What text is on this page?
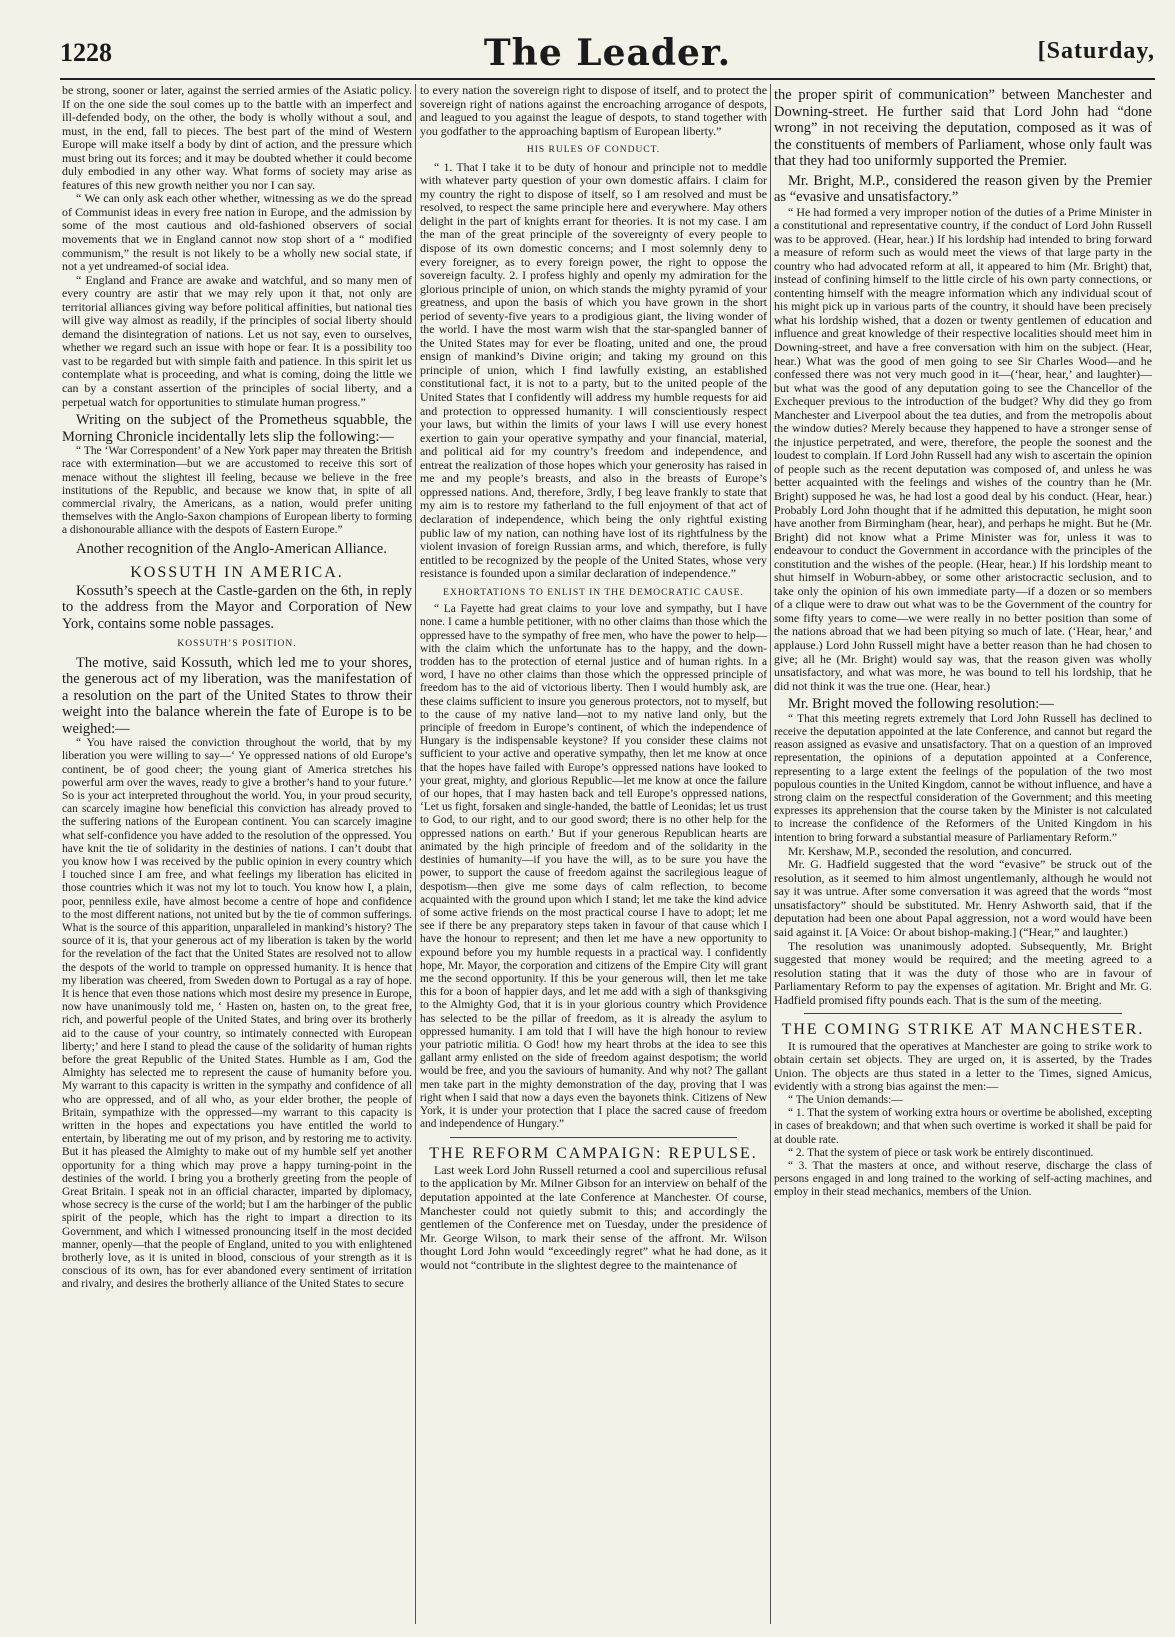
1228	The Leader.	[Saturday,

be strong, sooner or later, against the serried armies of the Asiatic policy. If on the one side the soul comes up to the battle with an imperfect and ill-defended body, on the other, the body is wholly without a soul, and must, in the end, fall to pieces. The best part of the mind of Western Europe will make itself a body by dint of action, and the pressure which must bring out its forces; and it may be doubted whether it could become duly embodied in any other way. What forms of society may arise as features of this new growth neither you nor I can say.

“ We can only ask each other whether, witnessing as we do the spread of Communist ideas in every free nation in Europe, and the admission by some of the most cautious and old-fashioned observers of social movements that we in England cannot now stop short of a “ modified communism,” the result is not likely to be a wholly new social state, if not a yet undreamed-of social idea.

“ England and France are awake and watchful, and so many men of every country are astir that we may rely upon it that, not only are territorial alliances giving way before political affinities, but national ties will give way almost as readily, if the principles of social liberty should demand the disintegration of nations. Let us not say, even to ourselves, whether we regard such an issue with hope or fear. It is a possibility too vast to be regarded but with simple faith and patience. In this spirit let us contemplate what is proceeding, and what is coming, doing the little we can by a constant assertion of the principles of social liberty, and a perpetual watch for opportunities to stimulate human progress.”

Writing on the subject of the Prometheus squabble, the Morning Chronicle incidentally lets slip the following:—

“ The ‘War Correspondent’ of a New York paper may threaten the British race with extermination—but we are accustomed to receive this sort of menace without the slightest ill feeling, because we believe in the free institutions of the Republic, and because we know that, in spite of all commercial rivalry, the Americans, as a nation, would prefer uniting themselves with the Anglo-Saxon champions of European liberty to forming a dishonourable alliance with the despots of Eastern Europe.”

Another recognition of the Anglo-American Alliance.

KOSSUTH IN AMERICA.

Kossuth’s speech at the Castle-garden on the 6th, in reply to the address from the Mayor and Corporation of New York, contains some noble passages.

KOSSUTH’S POSITION.

The motive, said Kossuth, which led me to your shores, the generous act of my liberation, was the manifestation of a resolution on the part of the United States to throw their weight into the balance wherein the fate of Europe is to be weighed:—

“ You have raised the conviction throughout the world, that by my liberation you were willing to say—‘ Ye oppressed nations of old Europe’s continent, be of good cheer; the young giant of America stretches his powerful arm over the waves, ready to give a brother’s hand to your future.’ So is your act interpreted throughout the world. You, in your proud security, can scarcely imagine how beneficial this conviction has already proved to the suffering nations of the European continent. You can scarcely imagine what self-confidence you have added to the resolution of the oppressed. You have knit the tie of solidarity in the destinies of nations. I can’t doubt that you know how I was received by the public opinion in every country which I touched since I am free, and what feelings my liberation has elicited in those countries which it was not my lot to touch. You know how I, a plain, poor, penniless exile, have almost become a centre of hope and confidence to the most different nations, not united but by the tie of common sufferings. What is the source of this apparition, unparalleled in mankind’s history? The source of it is, that your generous act of my liberation is taken by the world for the revelation of the fact that the United States are resolved not to allow the despots of the world to trample on oppressed humanity. It is hence that my liberation was cheered, from Sweden down to Portugal as a ray of hope. It is hence that even those nations which most desire my presence in Europe, now have unanimously told me, ‘ Hasten on, hasten on, to the great free, rich, and powerful people of the United States, and bring over its brotherly aid to the cause of your country, so intimately connected with European liberty;’ and here I stand to plead the cause of the solidarity of human rights before the great Republic of the United States. Humble as I am, God the Almighty has selected me to represent the cause of humanity before you. My warrant to this capacity is written in the sympathy and confidence of all who are oppressed, and of all who, as your elder brother, the people of Britain, sympathize with the oppressed—my warrant to this capacity is written in the hopes and expectations you have entitled the world to entertain, by liberating me out of my prison, and by restoring me to activity. But it has pleased the Almighty to make out of my humble self yet another opportunity for a thing which may prove a happy turning-point in the destinies of the world. I bring you a brotherly greeting from the people of Great Britain. I speak not in an official character, imparted by diplomacy, whose secrecy is the curse of the world; but I am the harbinger of the public spirit of the people, which has the right to impart a direction to its Government, and which I witnessed pronouncing itself in the most decided manner, openly—that the people of England, united to you with enlightened brotherly love, as it is united in blood, conscious of your strength as it is conscious of its own, has for ever abandoned every sentiment of irritation and rivalry, and desires the brotherly alliance of the United States to secure

to every nation the sovereign right to dispose of itself, and to protect the sovereign right of nations against the encroaching arrogance of despots, and leagued to you against the league of despots, to stand together with you godfather to the approaching baptism of European liberty.”

HIS RULES OF CONDUCT.

“ 1. That I take it to be duty of honour and principle not to meddle with whatever party question of your own domestic affairs. I claim for my country the right to dispose of itself, so I am resolved and must be resolved, to respect the same principle here and everywhere. May others delight in the part of knights errant for theories. It is not my case. I am the man of the great principle of the sovereignty of every people to dispose of its own domestic concerns; and I most solemnly deny to every foreigner, as to every foreign power, the right to oppose the sovereign faculty. 2. I profess highly and openly my admiration for the glorious principle of union, on which stands the mighty pyramid of your greatness, and upon the basis of which you have grown in the short period of seventy-five years to a prodigious giant, the living wonder of the world. I have the most warm wish that the star-spangled banner of the United States may for ever be floating, united and one, the proud ensign of mankind’s Divine origin; and taking my ground on this principle of union, which I find lawfully existing, an established constitutional fact, it is not to a party, but to the united people of the United States that I confidently will address my humble requests for aid and protection to oppressed humanity. I will conscientiously respect your laws, but within the limits of your laws I will use every honest exertion to gain your operative sympathy and your financial, material, and political aid for my country’s freedom and independence, and entreat the realization of those hopes which your generosity has raised in me and my people’s breasts, and also in the breasts of Europe’s oppressed nations. And, therefore, 3rdly, I beg leave frankly to state that my aim is to restore my fatherland to the full enjoyment of that act of declaration of independence, which being the only rightful existing public law of my nation, can nothing have lost of its rightfulness by the violent invasion of foreign Russian arms, and which, therefore, is fully entitled to be recognized by the people of the United States, whose very resistance is founded upon a similar declaration of independence.”

EXHORTATIONS TO ENLIST IN THE DEMOCRATIC CAUSE.

“ La Fayette had great claims to your love and sympathy, but I have none. I came a humble petitioner, with no other claims than those which the oppressed have to the sympathy of free men, who have the power to help—with the claim which the unfortunate has to the happy, and the down-trodden has to the protection of eternal justice and of human rights. In a word, I have no other claims than those which the oppressed principle of freedom has to the aid of victorious liberty. Then I would humbly ask, are these claims sufficient to insure you generous protectors, not to myself, but to the cause of my native land—not to my native land only, but the principle of freedom in Europe’s continent, of which the independence of Hungary is the indispensable keystone? If you consider these claims not sufficient to your active and operative sympathy, then let me know at once that the hopes have failed with Europe’s oppressed nations have looked to your great, mighty, and glorious Republic—let me know at once the failure of our hopes, that I may hasten back and tell Europe’s oppressed nations, ‘Let us fight, forsaken and single-handed, the battle of Leonidas; let us trust to God, to our right, and to our good sword; there is no other help for the oppressed nations on earth.’ But if your generous Republican hearts are animated by the high principle of freedom and of the solidarity in the destinies of humanity—if you have the will, as to be sure you have the power, to support the cause of freedom against the sacrilegious league of despotism—then give me some days of calm reflection, to become acquainted with the ground upon which I stand; let me take the kind advice of some active friends on the most practical course I have to adopt; let me see if there be any preparatory steps taken in favour of that cause which I have the honour to represent; and then let me have a new opportunity to expound before you my humble requests in a practical way. I confidently hope, Mr. Mayor, the corporation and citizens of the Empire City will grant me the second opportunity. If this be your generous will, then let me take this for a boon of happier days, and let me add with a sigh of thanksgiving to the Almighty God, that it is in your glorious country which Providence has selected to be the pillar of freedom, as it is already the asylum to oppressed humanity. I am told that I will have the high honour to review your patriotic militia. O God! how my heart throbs at the idea to see this gallant army enlisted on the side of freedom against despotism; the world would be free, and you the saviours of humanity. And why not? The gallant men take part in the mighty demonstration of the day, proving that I was right when I said that now a days even the bayonets think. Citizens of New York, it is under your protection that I place the sacred cause of freedom and independence of Hungary.”

THE REFORM CAMPAIGN: REPULSE.

Last week Lord John Russell returned a cool and supercilious refusal to the application by Mr. Milner Gibson for an interview on behalf of the deputation appointed at the late Conference at Manchester. Of course, Manchester could not quietly submit to this; and accordingly the gentlemen of the Conference met on Tuesday, under the presidence of Mr. George Wilson, to mark their sense of the affront. Mr. Wilson thought Lord John would “exceedingly regret” what he had done, as it would not “contribute in the slightest degree to the maintenance of

the proper spirit of communication” between Manchester and Downing-street. He further said that Lord John had “done wrong” in not receiving the deputation, composed as it was of the constituents of members of Parliament, whose only fault was that they had too uniformly supported the Premier.

Mr. Bright, M.P., considered the reason given by the Premier as “evasive and unsatisfactory.”

“ He had formed a very improper notion of the duties of a Prime Minister in a constitutional and representative country, if the conduct of Lord John Russell was to be approved. (Hear, hear.) If his lordship had intended to bring forward a measure of reform such as would meet the views of that large party in the country who had advocated reform at all, it appeared to him (Mr. Bright) that, instead of confining himself to the little circle of his own party connections, or contenting himself with the meagre information which any individual scout of his might pick up in various parts of the country, it should have been precisely what his lordship wished, that a dozen or twenty gentlemen of education and influence and great knowledge of their respective localities should meet him in Downing-street, and have a free conversation with him on the subject. (Hear, hear.) What was the good of men going to see Sir Charles Wood—and he confessed there was not very much good in it—(‘hear, hear,’ and laughter)—but what was the good of any deputation going to see the Chancellor of the Exchequer previous to the introduction of the budget? Why did they go from Manchester and Liverpool about the tea duties, and from the metropolis about the window duties? Merely because they happened to have a stronger sense of the injustice perpetrated, and were, therefore, the people the soonest and the loudest to complain. If Lord John Russell had any wish to ascertain the opinion of people such as the recent deputation was composed of, and unless he was better acquainted with the feelings and wishes of the country than he (Mr. Bright) supposed he was, he had lost a good deal by his conduct. (Hear, hear.) Probably Lord John thought that if he admitted this deputation, he might soon have another from Birmingham (hear, hear), and perhaps he might. But he (Mr. Bright) did not know what a Prime Minister was for, unless it was to endeavour to conduct the Government in accordance with the principles of the constitution and the wishes of the people. (Hear, hear.) If his lordship meant to shut himself in Woburn-abbey, or some other aristocractic seclusion, and to take only the opinion of his own immediate party—if a dozen or so members of a clique were to draw out what was to be the Government of the country for some fifty years to come—we were really in no better position than some of the nations abroad that we had been pitying so much of late. (‘Hear, hear,’ and applause.) Lord John Russell might have a better reason than he had chosen to give; all he (Mr. Bright) would say was, that the reason given was wholly unsatisfactory, and what was more, he was bound to tell his lordship, that he did not think it was the true one. (Hear, hear.)

Mr. Bright moved the following resolution:—

“ That this meeting regrets extremely that Lord John Russell has declined to receive the deputation appointed at the late Conference, and cannot but regard the reason assigned as evasive and unsatisfactory. That on a question of an improved representation, the opinions of a deputation appointed at a Conference, representing to a large extent the feelings of the population of the two most populous counties in the United Kingdom, cannot be without influence, and have a strong claim on the respectful consideration of the Government; and this meeting expresses its apprehension that the course taken by the Minister is not calculated to increase the confidence of the Reformers of the United Kingdom in his intention to bring forward a substantial measure of Parliamentary Reform.”

Mr. Kershaw, M.P., seconded the resolution, and concurred.

Mr. G. Hadfield suggested that the word “evasive” be struck out of the resolution, as it seemed to him almost ungentlemanly, although he would not say it was untrue. After some conversation it was agreed that the words “most unsatisfactory” should be substituted. Mr. Henry Ashworth said, that if the deputation had been one about Papal aggression, not a word would have been said against it. [A Voice: Or about bishop-making.] (“Hear,” and laughter.)

The resolution was unanimously adopted. Subsequently, Mr. Bright suggested that money would be required; and the meeting agreed to a resolution stating that it was the duty of those who are in favour of Parliamentary Reform to pay the expenses of agitation. Mr. Bright and Mr. G. Hadfield promised fifty pounds each. That is the sum of the meeting.

THE COMING STRIKE AT MANCHESTER.

It is rumoured that the operatives at Manchester are going to strike work to obtain certain set objects. They are urged on, it is asserted, by the Trades Union. The objects are thus stated in a letter to the Times, signed Amicus, evidently with a strong bias against the men:—

“ The Union demands:—

“ 1. That the system of working extra hours or overtime be abolished, excepting in cases of breakdown; and that when such overtime is worked it shall be paid for at double rate.

“ 2. That the system of piece or task work be entirely discontinued.

“ 3. That the masters at once, and without reserve, discharge the class of persons engaged in and long trained to the working of self-acting machines, and employ in their stead mechanics, members of the Union.
